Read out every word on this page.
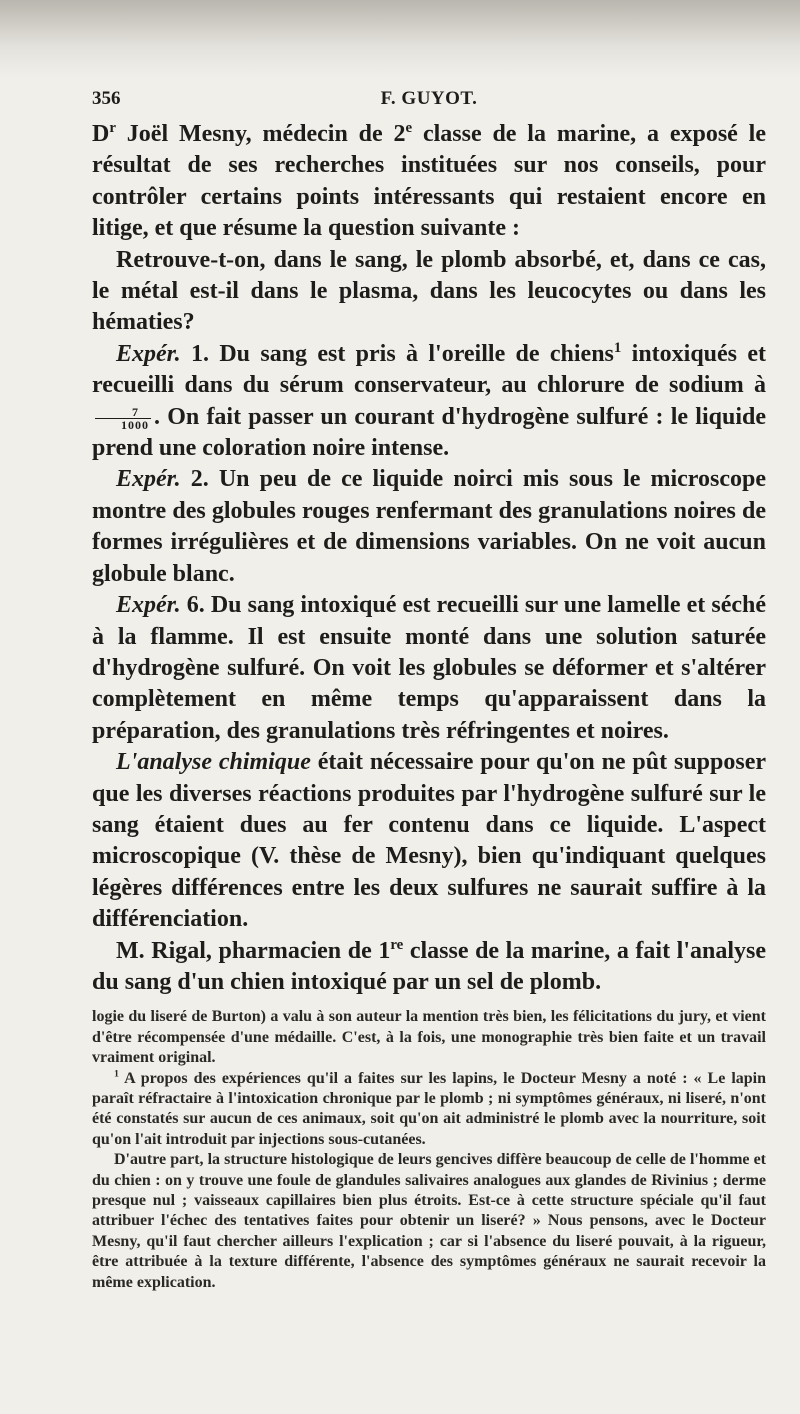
356	F. GUYOT.

$D^r$ Joël Mesny, médecin de 2e classe de la marine, a exposé le résultat de ses recherches instituées sur nos conseils, pour contrôler certains points intéressants qui restaient encore en litige, et que résume la question suivante :

Retrouve-t-on, dans le sang, le plomb absorbé, et, dans ce cas, le métal est-il dans le plasma, dans les leucocytes ou dans les hématies?

Expér. 1. Du sang est pris à l'oreille de chiens$^1$ intoxiqués et recueilli dans du sérum conservateur, au chlorure de sodium à
$\frac{7}{1000}$ . On fait passer un courant d'hydrogène sulfuré : le liquide prend une coloration noire intense.

Expér. 2. Un peu de ce liquide noirci mis sous le microscope montre des globules rouges renfermant des granulations noires de formes irrégulières et de dimensions variables. On ne voit aucun globule blanc.

Expér. 6. Du sang intoxiqué est recueilli sur une lamelle et séché à la flamme. Il est ensuite monté dans une solution saturée d'hydrogène sulfuré. On voit les globules se déformer et s'altérer complètement en même temps qu'apparaissent dans la préparation, des granulations très réfringentes et noires.

L'analyse chimique était nécessaire pour qu'on ne pût supposer que les diverses réactions produites par l'hydrogène sulfuré sur le sang étaient dues au fer contenu dans ce liquide. L'aspect microscopique (V. thèse de Mesny), bien qu'indiquant quelques légères différences entre les deux sulfures ne saurait suffire à la différenciation.

M. Rigal, pharmacien de 1re classe de la marine, a fait l'analyse du sang d'un chien intoxiqué par un sel de plomb.

logie du liseré de Burton) a valu à son auteur la mention très bien, les félicitations du jury, et vient d'être récompensée d'une médaille. C'est, à la fois, une monographie très bien faite et un travail vraiment original.

$^1$ A propos des expériences qu'il a faites sur les lapins, le Docteur Mesny a noté : « Le lapin paraît réfractaire à l'intoxication chronique par le plomb ; ni symptômes généraux, ni liseré, n'ont été constatés sur aucun de ces animaux, soit qu'on ait administré le plomb avec la nourriture, soit qu'on l'ait introduit par injections sous-cutanées.

D'autre part, la structure histologique de leurs gencives diffère beaucoup de celle de l'homme et du chien : on y trouve une foule de glandules salivaires analogues aux glandes de Rivinius ; derme presque nul ; vaisseaux capillaires bien plus étroits. Est-ce à cette structure spéciale qu'il faut attribuer l'échec des tentatives faites pour obtenir un liseré? » Nous pensons, avec le Docteur Mesny, qu'il faut chercher ailleurs l'explication ; car si l'absence du liseré pouvait, à la rigueur, être attribuée à la texture différente, l'absence des symptômes généraux ne saurait recevoir la même explication.
